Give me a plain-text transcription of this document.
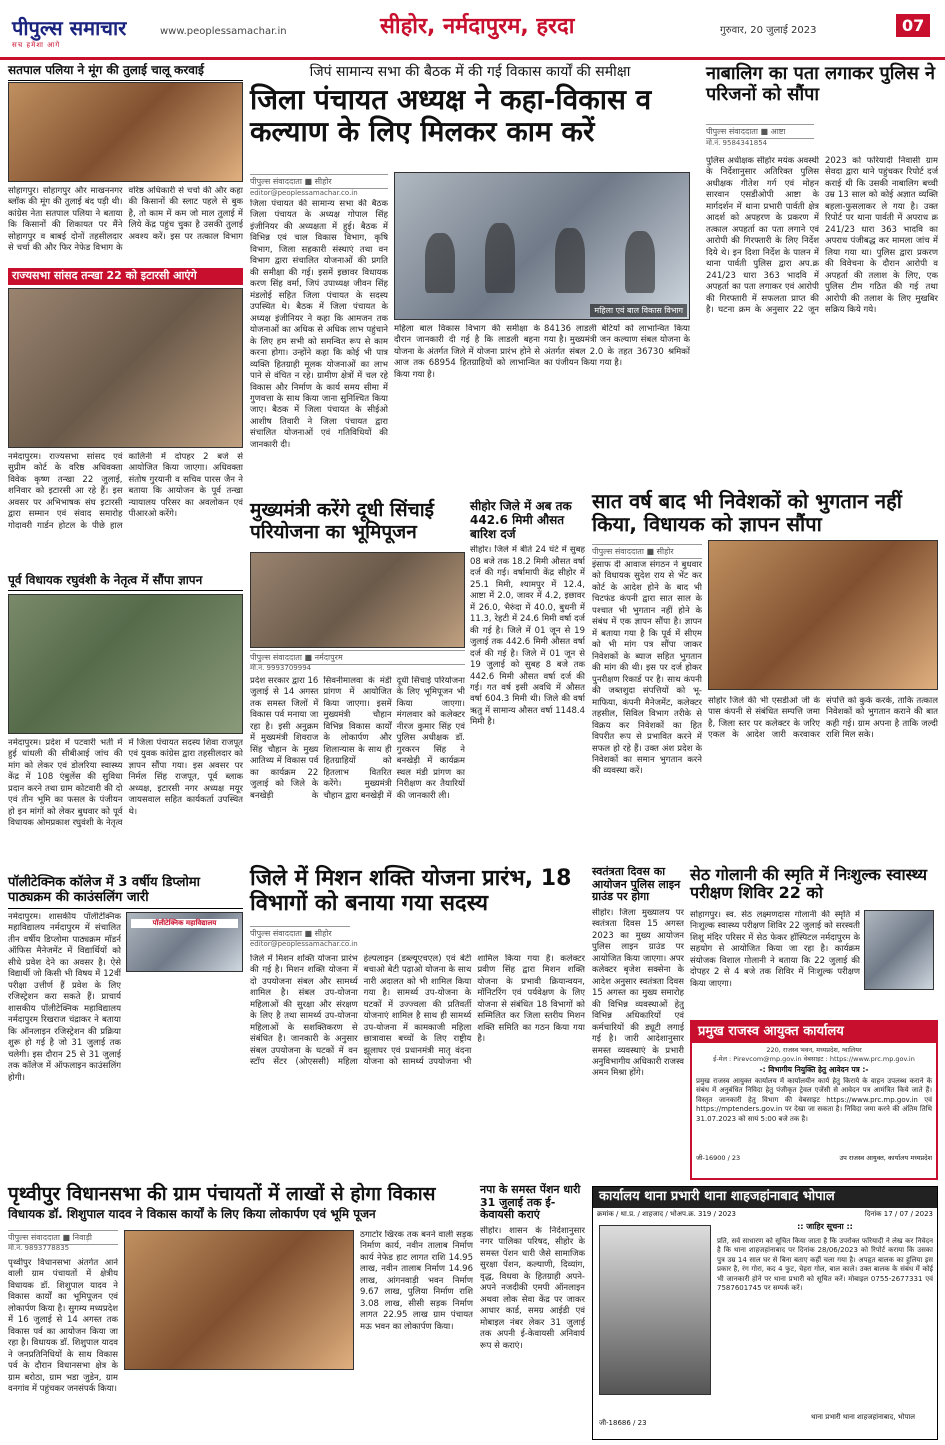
पीपुल्स समाचार
सच हमेशा आगे
www.peoplessamachar.in	सीहोर, नर्मदापुरम, हरदा	गुरुवार, 20 जुलाई 2023	07
सतपाल पलिया ने मूंग की तुलाई चालू करवाई
सोहागपुर। सोहागपुर और माखननगर ब्लॉक की मूंग की तुलाई बंद पड़ी थी। कांग्रेस नेता सतपाल पलिया ने बताया कि किसानों की शिकायत पर मैंने सोहागपुर व बाबई दोनों तहसीलदार से चर्चा की और फिर नेफेड विभाग के वरिष्ठ अधिकारी से चर्चा की और कहा की किसानों की स्लाट पहले से बुक है, तो काम में कम जो माल तुलाई में लिये केंद्र पहुंच चुका है उसकी तुलाई अवश्य करें। इस पर तत्काल विभाग
जिपं सामान्य सभा की बैठक में की गई विकास कार्यों की समीक्षा
जिला पंचायत अध्यक्ष ने कहा-विकास व कल्याण के लिए मिलकर काम करें
पीपुल्स संवाददाता ■ सीहोर
editor@peoplessamachar.co.in
जिला पंचायत की सामान्य सभा की बैठक जिला पंचायत के अध्यक्ष गोपाल सिंह इंजीनियर की अध्यक्षता में हुई। बैठक में विभिन्न एवं चाल विकास विभाग, कृषि विभाग, जिला सहकारी संस्थाएं तथा वन विभाग द्वारा संचालित योजनाओं की प्रगति की समीक्षा की गई। इसमें इछावर विधायक करण सिंह वर्मा, जिपं उपाध्यक्ष जीवन सिंह मंडलोई सहित जिला पंचायत के सदस्य उपस्थित थे। बैठक में जिला पंचायत के अध्यक्ष इंजीनियर ने कहा कि आमजन तक योजनाओं का अधिक से अधिक लाभ पहुंचाने के लिए हम सभी को समन्वित रूप से काम करना होगा। उन्होंने कहा कि कोई भी पात्र व्यक्ति हितग्राही मूलक योजनाओं का लाभ पाने से वंचित न रहे। ग्रामीण क्षेत्रों में चल रहे विकास और निर्माण के कार्य समय सीमा में गुणवत्ता के साथ किया जाना सुनिश्चित किया जाए। बैठक में जिला पंचायत के सीईओ आशीष तिवारी ने जिला पंचायत द्वारा संचालित योजनाओं एवं गतिविधियों की जानकारी दी।
महिला एवं बाल विकास विभाग
महिला बाल विकास विभाग की समीक्षा के दौरान जानकारी दी गई है कि लाडली बहना योजना के अंतर्गत जिले में योजना प्रारंभ होने से आज तक 68954 हितग्राहियों को लाभान्वित किया गया है।
84136 लाडली बेटियों को लाभान्वित किया गया है। मुख्यमंत्री जन कल्याण संबल योजना के अंतर्गत संबल 2.0 के तहत 36730 श्रमिकों का पंजीयन किया गया है।
राज्यसभा सांसद तन्खा 22 को इटारसी आएंगे
नर्मदापुरम। राज्यसभा सांसद एवं सुप्रीम कोर्ट के वरिष्ठ अधिवक्ता विवेक कृष्ण तन्खा 22 जुलाई, शनिवार को इटारसी आ रहे हैं। इस अवसर पर अभिभाषक संघ इटारसी द्वारा सम्मान एवं संवाद समारोह गोदावरी गार्डन होटल के पीछे हाल कालिनी में दोपहर 2 बजे से आयोजित किया जाएगा। अधिवक्ता संतोष गुरयानी व सचिव पारस जैन ने बताया कि आयोजन के पूर्व तन्खा न्यायालय परिसर का अवलोकन एवं पीआरओ करेंगे।
पूर्व विधायक रघुवंशी के नेतृत्व में सौंपा ज्ञापन
नर्मदापुरम। प्रदेश में पटवारी भर्ती में हुई धांधली की सीबीआई जांच की मांग को लेकर एवं डोलरिया स्वास्थ्य केंद्र में 108 एंबुलेंस की सुविधा प्रदान करने तथा ग्राम कोटवारी की दो एवं तीन भूमि का फसल के पंजीयन हो इन मांगों को लेकर बुधवार को पूर्व विधायक ओमप्रकाश रघुवंशी के नेतृत्व में जिला पंचायत सदस्य शिवा राजपूत एवं युवक कांग्रेस द्वारा तहसीलदार को ज्ञापन सौंपा गया। इस अवसर पर निर्मल सिंह राजपूत, पूर्व ब्लाक अध्यक्ष, इटारसी नगर अध्यक्ष मयूर जायसवाल सहित कार्यकर्ता उपस्थित थे।
मुख्यमंत्री करेंगे दूधी सिंचाई परियोजना का भूमिपूजन
पीपुल्स संवाददाता ■ नर्मदापुरम
मो.नं. 9993709994
प्रदेश सरकार द्वारा 16 जुलाई से 14 अगस्त तक समस्त जिलों में विकास पर्व मनाया जा रहा है। इसी अनुक्रम में मुख्यमंत्री शिवराज सिंह चौहान के मुख्य आतिथ्य में विकास पर्व का कार्यक्रम 22 जुलाई को जिले के बनखेड़ी के सिवनीमालवा के मंडी प्रांगण में आयोजित किया जाएगा। इसमें मुख्यमंत्री चौहान विभिन्न विकास कार्यों के लोकार्पण और शिलान्यास के साथ ही हितग्राहियों को हितलाभ वितरित करेंगे। मुख्यमंत्री चौहान द्वारा बनखेड़ी में दूधी सिंचाई परियोजना के लिए भूमिपूजन भी किया जाएगा। मंगलवार को कलेक्टर नीरज कुमार सिंह एवं पुलिस अधीक्षक डॉ. गुरकरन सिंह ने बनखेड़ी में कार्यक्रम स्थल मंडी प्रांगण का निरीक्षण कर तैयारियों की जानकारी ली।
सीहोर जिले में अब तक 442.6 मिमी औसत बारिश दर्ज
सीहोर। जिले में बीते 24 घंटे में सुबह 08 बजे तक 18.2 मिमी औसत वर्षा दर्ज की गई। वर्षामापी केंद्र सीहोर में 25.1 मिमी, श्यामपुर में 12.4, आष्टा में 2.0, जावर में 4.2, इछावर में 26.0, भैरुंदा में 40.0, बुधनी में 11.3, रेहटी में 24.6 मिमी वर्षा दर्ज की गई है। जिले में 01 जून से 19 जुलाई तक 442.6 मिमी औसत वर्षा दर्ज की गई है। जिले में 01 जून से 19 जुलाई को सुबह 8 बजे तक 442.6 मिमी औसत वर्षा दर्ज की गई। गत वर्ष इसी अवधि में औसत वर्षा 604.3 मिमी थी। जिले की वर्षा ऋतु में सामान्य औसत वर्षा 1148.4 मिमी है।
नाबालिग का पता लगाकर पुलिस ने परिजनों को सौंपा
पीपुल्स संवाददाता ■ आष्टा
मो.नं. 9584341854
पुलिस अधीक्षक सीहोर मयंक अवस्थी के निर्देशानुसार अतिरिक्त पुलिस अधीक्षक गीतेश गर्ग एवं मोहन सारवान एसडीओपी आष्टा के मार्गदर्शन में थाना प्रभारी पार्वती क्षेत्र आदर्श को अपहरण के प्रकरण में तत्काल अपहर्ता का पता लगाने एवं आरोपी की गिरफ्तारी के लिए निर्देश दिये थे। इन दिशा निर्देश के पालन में थाना पार्वती पुलिस द्वारा अप.क्र 241/23 धारा 363 भादवि में अपहर्ता का पता लगाकर एवं आरोपी की गिरफ्तारी में सफलता प्राप्त की है। घटना क्रम के अनुसार 22 जून 2023 को फरियादी निवासी ग्राम सेवदा द्वारा थाने पहुंचकर रिपोर्ट दर्ज कराई थी कि उसकी नाबालिग बच्ची उम्र 13 साल को कोई अज्ञात व्यक्ति बहला-फुसलाकर ले गया है। उक्त रिपोर्ट पर थाना पार्वती में अपराध क्र 241/23 धारा 363 भादवि का अपराध पंजीबद्ध कर मामला जांच में लिया गया था। पुलिस द्वारा प्रकरण की विवेचना के दौरान आरोपी व अपहर्ता की तलाश के लिए, एक पुलिस टीम गठित की गई तथा आरोपी की तलाश के लिए मुखबिर सक्रिय किये गये।
सात वर्ष बाद भी निवेशकों को भुगतान नहीं किया, विधायक को ज्ञापन सौंपा
पीपुल्स संवाददाता ■ सीहोर
इंसाफ दी आवाज संगठन ने बुधवार को विधायक सुदेश राय से भेंट कर कोर्ट के आदेश होने के बाद भी चिटफंड कंपनी द्वारा सात साल के पश्चात भी भुगतान नहीं होने के संबंध में एक ज्ञापन सौंपा है। ज्ञापन में बताया गया है कि पूर्व में सीएम को भी मांग पत्र सौंपा जाकर निवेशकों के ब्याज सहित भुगतान की मांग की थी। इस पर दर्ज होकर पुनरीक्षण रिकार्ड पर है। साथ कंपनी की जब्तशुदा संपत्तियों को भू-माफिया, कंपनी मैनेजमेंट, कलेक्टर तहसील, सिविल विभाग तरीके से विक्रय कर निवेशकों का हित विपरीत रूप से प्रभावित करने में सफल हो रहे हैं। उक्त अंश प्रदेश के निवेशकों का समान भुगतान करने की व्यवस्था करें।
सोहोर जिले की भी एसडीओ जी के पास कंपनी से संबंधित सम्पत्ति जमा है, जिला स्तर पर कलेक्टर के जरिए एकल के आदेश जारी करवाकर संपत्ति को कुर्क करके, ताकि तत्काल निवेशकों को भुगतान कराने की बात कही गई। ग्राम अपना है ताकि जल्दी राशि मिल सके।
पॉलीटेक्निक कॉलेज में 3 वर्षीय डिप्लोमा पाठ्यक्रम की काउंसलिंग जारी
पॉलीटेक्निक महाविद्यालय
नर्मदापुरम। शासकीय पॉलीटेक्निक महाविद्यालय नर्मदापुरम में संचालित तीन वर्षीय डिप्लोमा पाठ्यक्रम मॉडर्न ऑफिस मैनेजमेंट में विद्यार्थियों को सीधे प्रवेश देने का अवसर है। ऐसे विद्यार्थी जो किसी भी विषय में 12वीं परीक्षा उत्तीर्ण हैं प्रवेश के लिए रजिस्ट्रेशन करा सकते हैं। प्राचार्य शासकीय पॉलीटेक्निक महाविद्यालय नर्मदापुरम रिखराज चंद्राकर ने बताया कि ऑनलाइन रजिस्ट्रेशन की प्रक्रिया शुरू हो गई है जो 31 जुलाई तक चलेगी। इस दौरान 25 से 31 जुलाई तक कॉलेज में ऑफलाइन काउंसलिंग होगी।
जिले में मिशन शक्ति योजना प्रारंभ, 18 विभागों को बनाया गया सदस्य
पीपुल्स संवाददाता ■ सीहोर
editor@peoplessamachar.co.in
जिले में मिशन शक्ति योजना प्रारंभ की गई है। मिशन शक्ति योजना में दो उपयोजना संबल और सामर्थ्य शामिल है। संबल उप-योजना महिलाओं की सुरक्षा और संरक्षण के लिए है तथा सामर्थ्य उप-योजना महिलाओं के सशक्तिकरण से संबंधित है। जानकारी के अनुसार संबल उपयोजना के घटकों में वन स्टॉप सेंटर (ओएससी) महिला हेल्पलाइन (डब्ल्यूएचएल) एवं बेटी बचाओ बेटी पढ़ाओ योजना के साथ नारी अदालत को भी शामिल किया गया है। सामर्थ्य उप-योजना के घटकों में उज्ज्वला की प्रतिवर्ती योजनाएं शामिल है साथ ही सामर्थ्य उप-योजना में कामकाजी महिला छात्रावास बच्चों के लिए राष्ट्रीय झूलाघर एवं प्रधानमंत्री मातृ वंदना योजना को सामर्थ्य उपयोजना भी शामिल किया गया है। कलेक्टर प्रवीण सिंह द्वारा मिशन शक्ति योजना के प्रभावी क्रियान्वयन, मॉनिटरिंग एवं पर्यवेक्षण के लिए योजना से संबंधित 18 विभागों को सम्मिलित कर जिला स्तरीय मिशन शक्ति समिति का गठन किया गया है।
स्वतंत्रता दिवस का आयोजन पुलिस लाइन ग्राउंड पर होगा
सीहोर। जिला मुख्यालय पर स्वतंत्रता दिवस 15 अगस्त 2023 का मुख्य आयोजन पुलिस लाइन ग्राउंड पर आयोजित किया जाएगा। अपर कलेक्टर बृजेश सक्सेना के आदेश अनुसार स्वतंत्रता दिवस 15 अगस्त का मुख्य समारोह की विभिन्न व्यवस्थाओं हेतु विभिन्न अधिकारियों एवं कर्मचारियों की ड्यूटी लगाई गई है। जारी आदेशानुसार समस्त व्यवस्थाएं के प्रभारी अनुविभागीय अधिकारी राजस्व अमन मिश्रा होंगे।
सेठ गोलानी की स्मृति में निःशुल्क स्वास्थ्य परीक्षण शिविर 22 को
सोहागपुर। स्व. सेठ लक्ष्मणदास गोलानी की स्मृति में निःशुल्क स्वास्थ्य परीक्षण शिविर 22 जुलाई को सरस्वती शिशु मंदिर परिसर में सेठ फेकर हॉस्पिटल नर्मदापुरम के सहयोग से आयोजित किया जा रहा है। कार्यक्रम संयोजक विशाल गोलानी ने बताया कि 22 जुलाई की दोपहर 2 से 4 बजे तक शिविर में निःशुल्क परीक्षण किया जाएगा।
प्रमुख राजस्व आयुक्त कार्यालय
220, राजस्व भवन, मध्यप्रदेश, ग्वालियर
ई-मेल : Pirevcom@mp.gov.in वेबसाइट : https://www.prc.mp.gov.in
-: विभागीय नियुक्ति हेतु आवेदन पत्र :-
प्रमुख राजस्व आयुक्त कार्यालय में कार्यालयीन कार्य हेतु किराये के वाहन उपलब्ध कराने के संबंध में अनुबंधित निविदा हेतु पंजीकृत ट्रेवल एजेंसी से आवेदन पत्र आमंत्रित किये जाते हैं। विस्तृत जानकारी हेतु विभाग की वेबसाइट https://www.prc.mp.gov.in एवं https://mptenders.gov.in पर देखा जा सकता है। निविदा जमा करने की अंतिम तिथि 31.07.2023 को सायं 5:00 बजे तक है।
जी-16900 / 23	उप राजस्व आयुक्त, कार्यालय मध्यप्रदेश
पृथ्वीपुर विधानसभा की ग्राम पंचायतों में लाखों से होगा विकास
विधायक डॉ. शिशुपाल यादव ने विकास कार्यों के लिए किया लोकार्पण एवं भूमि पूजन
पीपुल्स संवाददाता ■ निवाड़ी
मो.नं. 9893778835
पृथ्वीपुर विधानसभा अंतर्गत आने वाली ग्राम पंचायतों में क्षेत्रीय विधायक डॉ. शिशुपाल यादव ने विकास कार्यों का भूमिपूजन एवं लोकार्पण किया है। सुगम्य मध्यप्रदेश में 16 जुलाई से 14 अगस्त तक विकास पर्व का आयोजन किया जा रहा है। विधायक डॉ. शिशुपाल यादव ने जनप्रतिनिधियों के साथ विकास पर्व के दौरान विधानसभा क्षेत्र के ग्राम बरोठा, ग्राम भडा जुडेन, ग्राम वनगांव में पहुंचकर जनसंपर्क किया।
ठगाटोर खिरक तक बनने वाली सड़क निर्माण कार्य, नवीन तालाब निर्माण कार्य नेफेड हाट लागत राशि 14.95 लाख, नवीन तालाब निर्माण 14.96 लाख, आंगनवाड़ी भवन निर्माण 9.67 लाख, पुलिया निर्माण राशि 3.08 लाख, सीसी सड़क निर्माण लागत 22.95 लाख ग्राम पंचायत मऊ भवन का लोकार्पण किया।
नपा के समस्त पेंशन धारी 31 जुलाई तक ई-केवायसी कराएं
सीहोर। शासन के निर्देशानुसार नगर पालिका परिषद, सीहोर के समस्त पेंशन धारी जैसे सामाजिक सुरक्षा पेंशन, कल्याणी, दिव्यांग, वृद्ध, विधवा के हितग्राही अपने-अपने नजदीकी एमपी ऑनलाइन अथवा लोक सेवा केंद्र पर जाकर आधार कार्ड, समग्र आईडी एवं मोबाइल नंबर लेकर 31 जुलाई तक अपनी ई-केवायसी अनिवार्य रूप से कराएं।
कार्यालय थाना प्रभारी थाना शाहजहांनाबाद भोपाल
क्रमांक / था.प्र. / शाहजाद / भोअप.क्र. 319 / 2023	दिनांक 17 / 07 / 2023
:: जाहिर सूचना ::
प्रति, सर्व साधारण को सूचित किया जाता है कि उपरोक्त फरियादी ने लेख कर निवेदन है कि थाना शाहजहांनाबाद पर दिनांक 28/06/2023 को रिपोर्ट कराया कि उसका पुत्र उम्र 14 साल घर से बिना बताए कहीं चला गया है। अपहृत बालक का हुलिया इस प्रकार है, रंग गोरा, कद 4 फुट, चेहरा गोल, बाल काले। उक्त बालक के संबंध में कोई भी जानकारी होने पर थाना प्रभारी को सूचित करें। मोबाइल 0755-2677331 एवं 7587601745 पर सम्पर्क करें।
जी-18686 / 23
थाना प्रभारी थाना शाहजहांनाबाद, भोपाल
